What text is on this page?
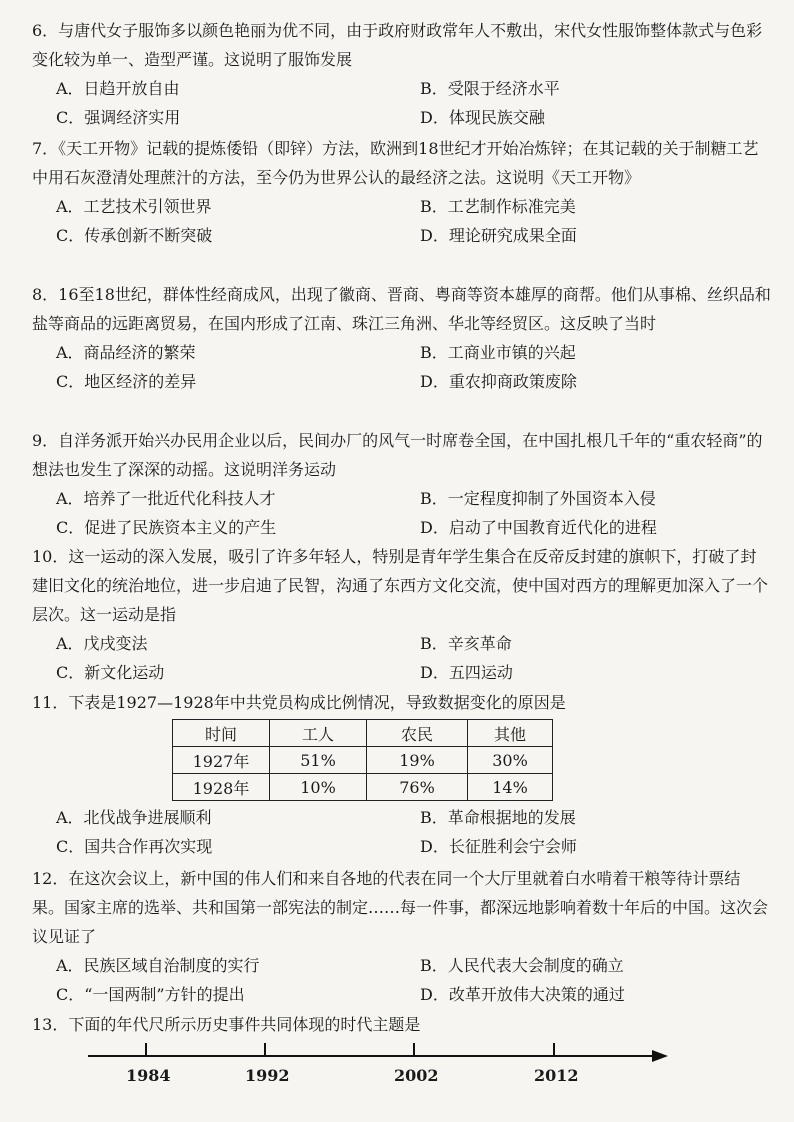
6．与唐代女子服饰多以颜色艳丽为优不同，由于政府财政常年人不敷出，宋代女性服饰整体款式与色彩变化较为单一、造型严谨。这说明了服饰发展

A．日趋开放自由	B．受限于经济水平
C．强调经济实用	D．体现民族交融

7．《天工开物》记载的提炼倭铅（即锌）方法，欧洲到18世纪才开始冶炼锌；在其记载的关于制糖工艺中用石灰澄清处理蔗汁的方法，至今仍为世界公认的最经济之法。这说明《天工开物》

A．工艺技术引领世界	B．工艺制作标准完美
C．传承创新不断突破	D．理论研究成果全面

8．16至18世纪，群体性经商成风，出现了徽商、晋商、粤商等资本雄厚的商帮。他们从事棉、丝织品和盐等商品的远距离贸易，在国内形成了江南、珠江三角洲、华北等经贸区。这反映了当时

A．商品经济的繁荣	B．工商业市镇的兴起
C．地区经济的差异	D．重农抑商政策废除

9．自洋务派开始兴办民用企业以后，民间办厂的风气一时席卷全国，在中国扎根几千年的“重农轻商”的想法也发生了深深的动摇。这说明洋务运动

A．培养了一批近代化科技人才	B．一定程度抑制了外国资本入侵
C．促进了民族资本主义的产生	D．启动了中国教育近代化的进程

10．这一运动的深入发展，吸引了许多年轻人，特别是青年学生集合在反帝反封建的旗帜下，打破了封建旧文化的统治地位，进一步启迪了民智，沟通了东西方文化交流，使中国对西方的理解更加深入了一个层次。这一运动是指

A．戊戌变法	B．辛亥革命
C．新文化运动	D．五四运动

11．下表是1927—1928年中共党员构成比例情况，导致数据变化的原因是

时间	工人	农民	其他
1927年	51%	19%	30%
1928年	10%	76%	14%
A．北伐战争进展顺利	B．革命根据地的发展
C．国共合作再次实现	D．长征胜利会宁会师

12．在这次会议上，新中国的伟人们和来自各地的代表在同一个大厅里就着白水啃着干粮等待计票结果。国家主席的选举、共和国第一部宪法的制定……每一件事，都深远地影响着数十年后的中国。这次会议见证了

A．民族区域自治制度的实行	B．人民代表大会制度的确立
C．“一国两制”方针的提出	D．改革开放伟大决策的通过

13．下面的年代尺所示历史事件共同体现的时代主题是

1984	1992	2002	2012
